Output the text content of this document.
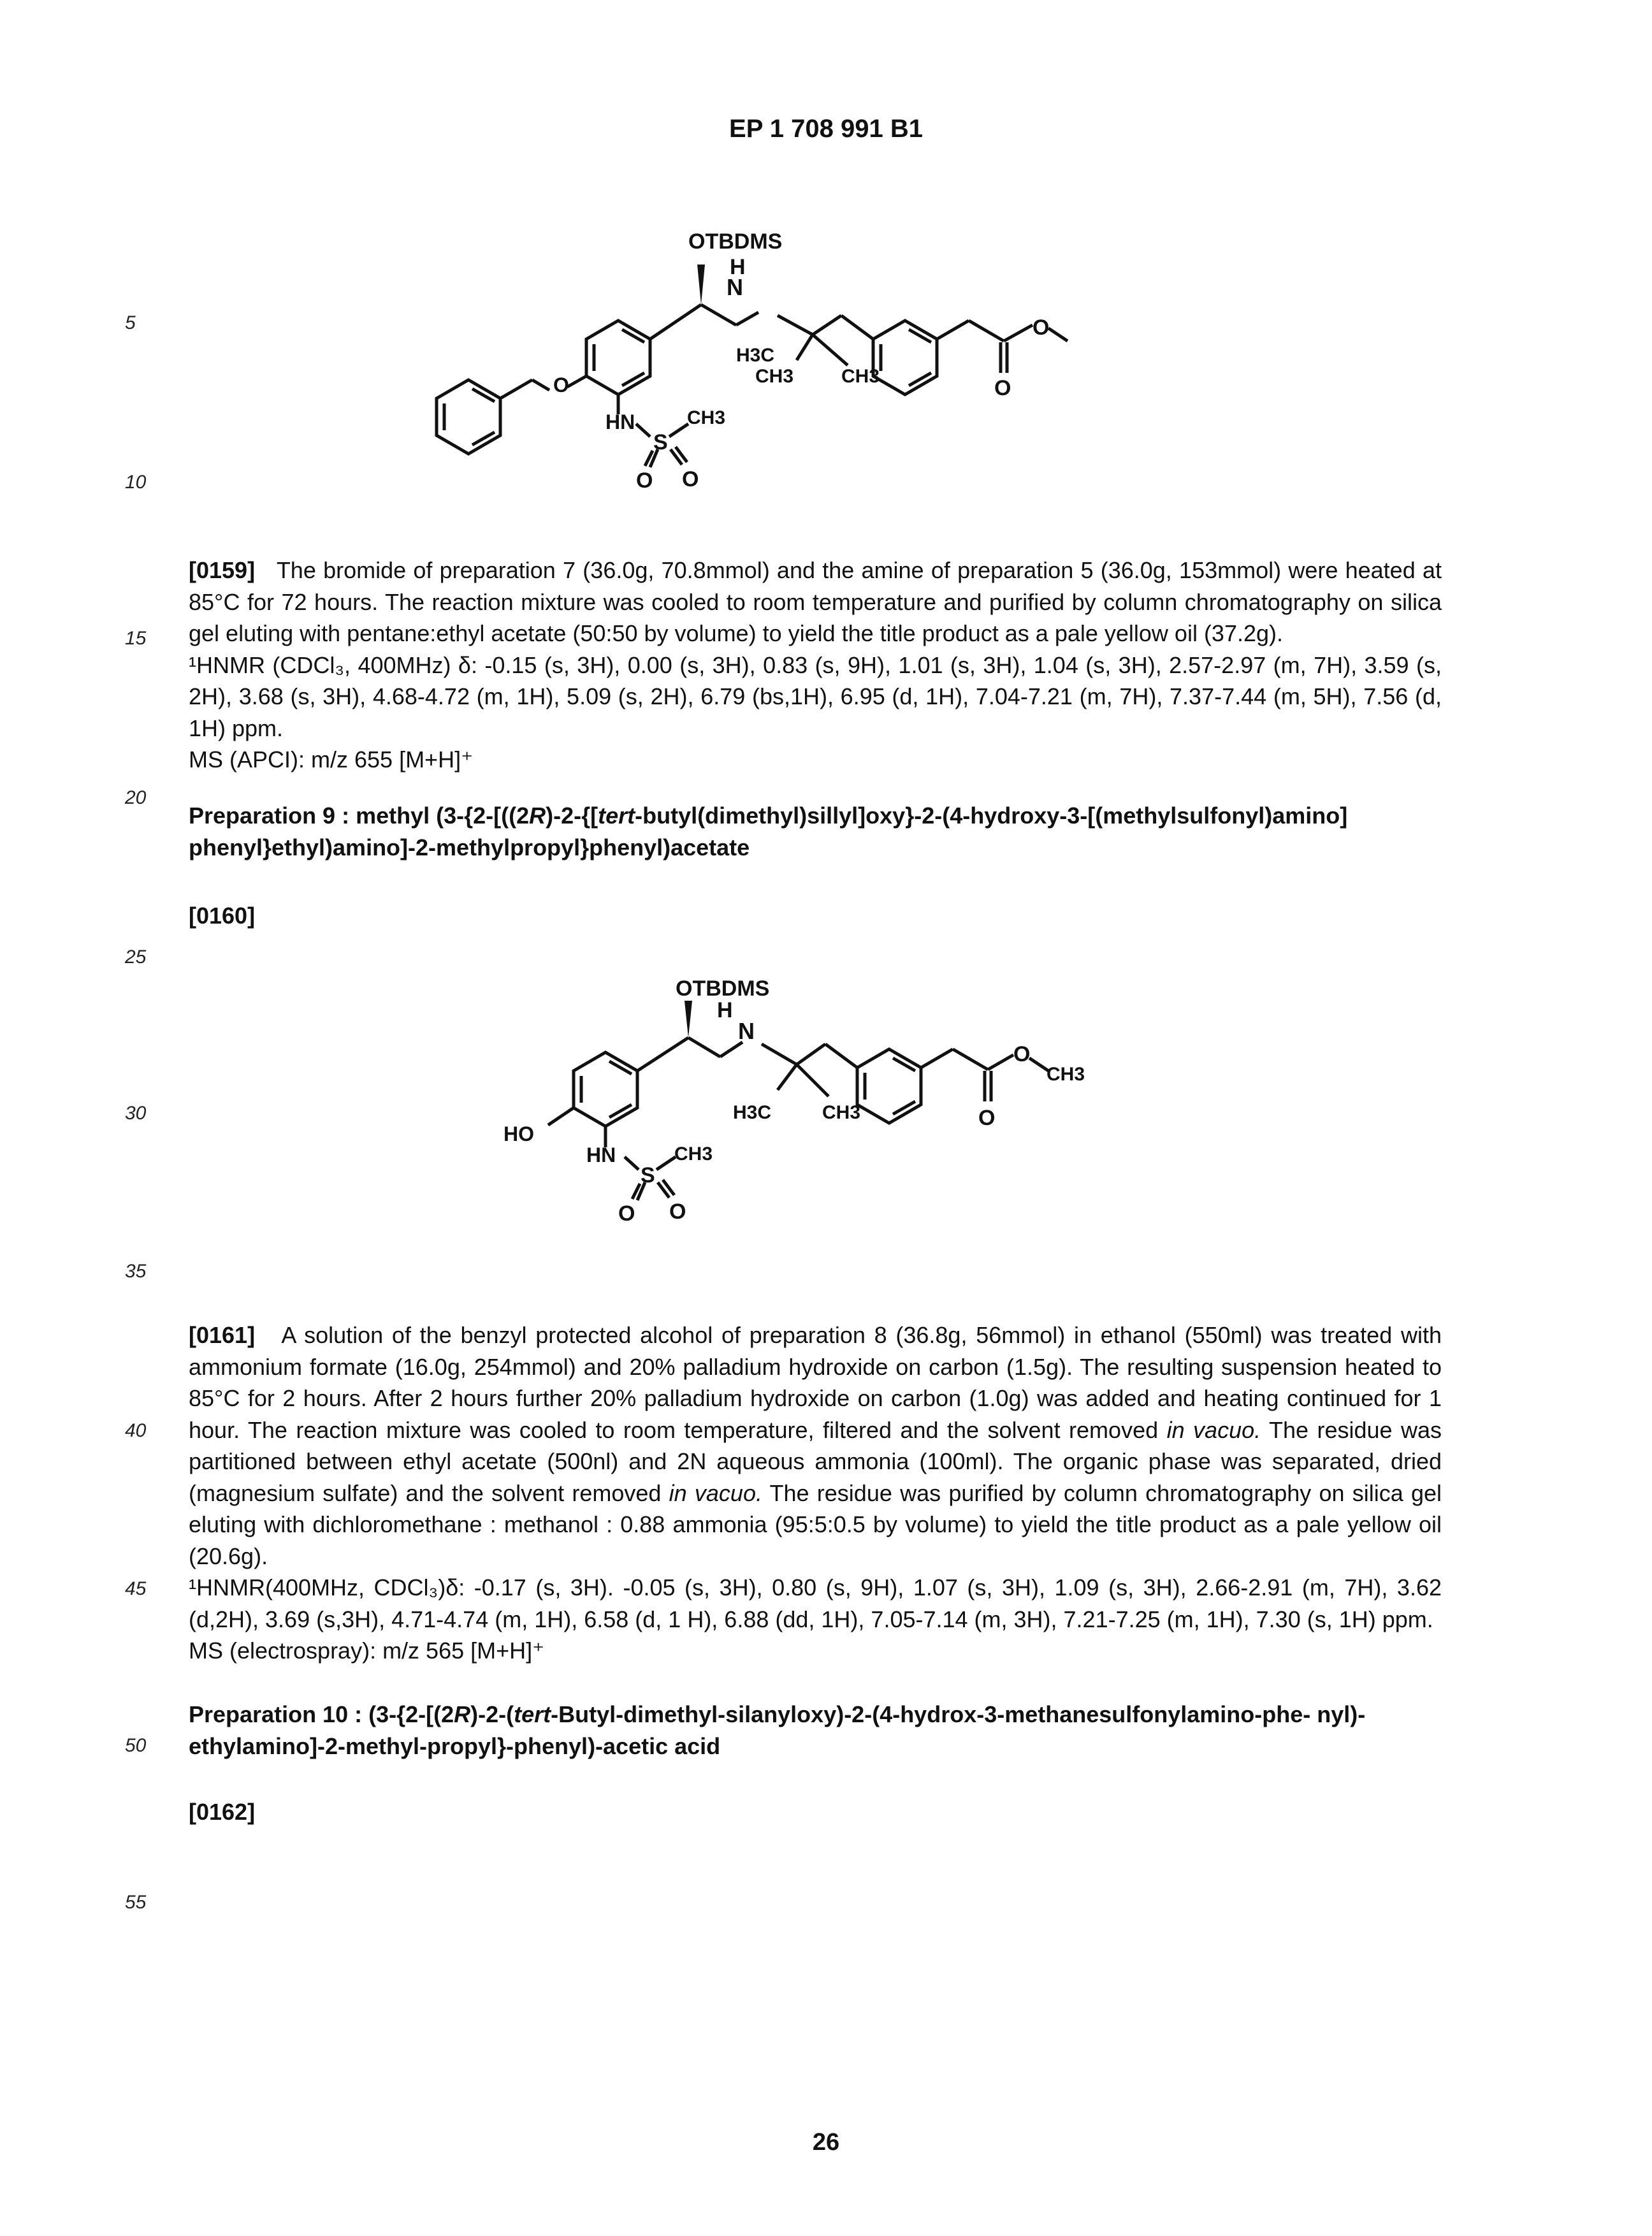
EP 1 708 991 B1
5
10
15
20
25
30
35
40
45
50
55
OTBDMS
H
N
O	CH3
H3C
CH3
O
O
HN
S
CH3
O O
[0159] The bromide of preparation 7 (36.0g, 70.8mmol) and the amine of preparation 5 (36.0g, 153mmol) were heated at 85°C for 72 hours. The reaction mixture was cooled to room temperature and purified by column chromatography on silica gel eluting with pentane:ethyl acetate (50:50 by volume) to yield the title product as a pale yellow oil (37.2g).
¹HNMR (CDCl₃, 400MHz) δ: -0.15 (s, 3H), 0.00 (s, 3H), 0.83 (s, 9H), 1.01 (s, 3H), 1.04 (s, 3H), 2.57-2.97 (m, 7H), 3.59 (s, 2H), 3.68 (s, 3H), 4.68-4.72 (m, 1H), 5.09 (s, 2H), 6.79 (bs,1H), 6.95 (d, 1H), 7.04-7.21 (m, 7H), 7.37-7.44 (m, 5H), 7.56 (d, 1H) ppm.
MS (APCI): m/z 655 [M+H]⁺
Preparation 9 : methyl (3-{2-[((2R)-2-{[tert-butyl(dimethyl)sillyl]oxy}-2-(4-hydroxy-3-[(methylsulfonyl)amino] phenyl}ethyl)amino]-2-methylpropyl}phenyl)acetate
[0160]
OTBDMS
H
N
O
CH3
H3C	CH3	O
HO
HN
S
CH3
O O
[0161] A solution of the benzyl protected alcohol of preparation 8 (36.8g, 56mmol) in ethanol (550ml) was treated with ammonium formate (16.0g, 254mmol) and 20% palladium hydroxide on carbon (1.5g). The resulting suspension heated to 85°C for 2 hours. After 2 hours further 20% palladium hydroxide on carbon (1.0g) was added and heating continued for 1 hour. The reaction mixture was cooled to room temperature, filtered and the solvent removed in vacuo. The residue was partitioned between ethyl acetate (500nl) and 2N aqueous ammonia (100ml). The organic phase was separated, dried (magnesium sulfate) and the solvent removed in vacuo. The residue was purified by column chromatography on silica gel eluting with dichloromethane : methanol : 0.88 ammonia (95:5:0.5 by volume) to yield the title product as a pale yellow oil (20.6g).
¹HNMR(400MHz, CDCl₃)δ: -0.17 (s, 3H). -0.05 (s, 3H), 0.80 (s, 9H), 1.07 (s, 3H), 1.09 (s, 3H), 2.66-2.91 (m, 7H), 3.62 (d,2H), 3.69 (s,3H), 4.71-4.74 (m, 1H), 6.58 (d, 1 H), 6.88 (dd, 1H), 7.05-7.14 (m, 3H), 7.21-7.25 (m, 1H), 7.30 (s, 1H) ppm.
MS (electrospray): m/z 565 [M+H]⁺
Preparation 10 : (3-{2-[(2R)-2-(tert-Butyl-dimethyl-silanyloxy)-2-(4-hydrox-3-methanesulfonylamino-phe- nyl)-ethylamino]-2-methyl-propyl}-phenyl)-acetic acid
[0162]
26
